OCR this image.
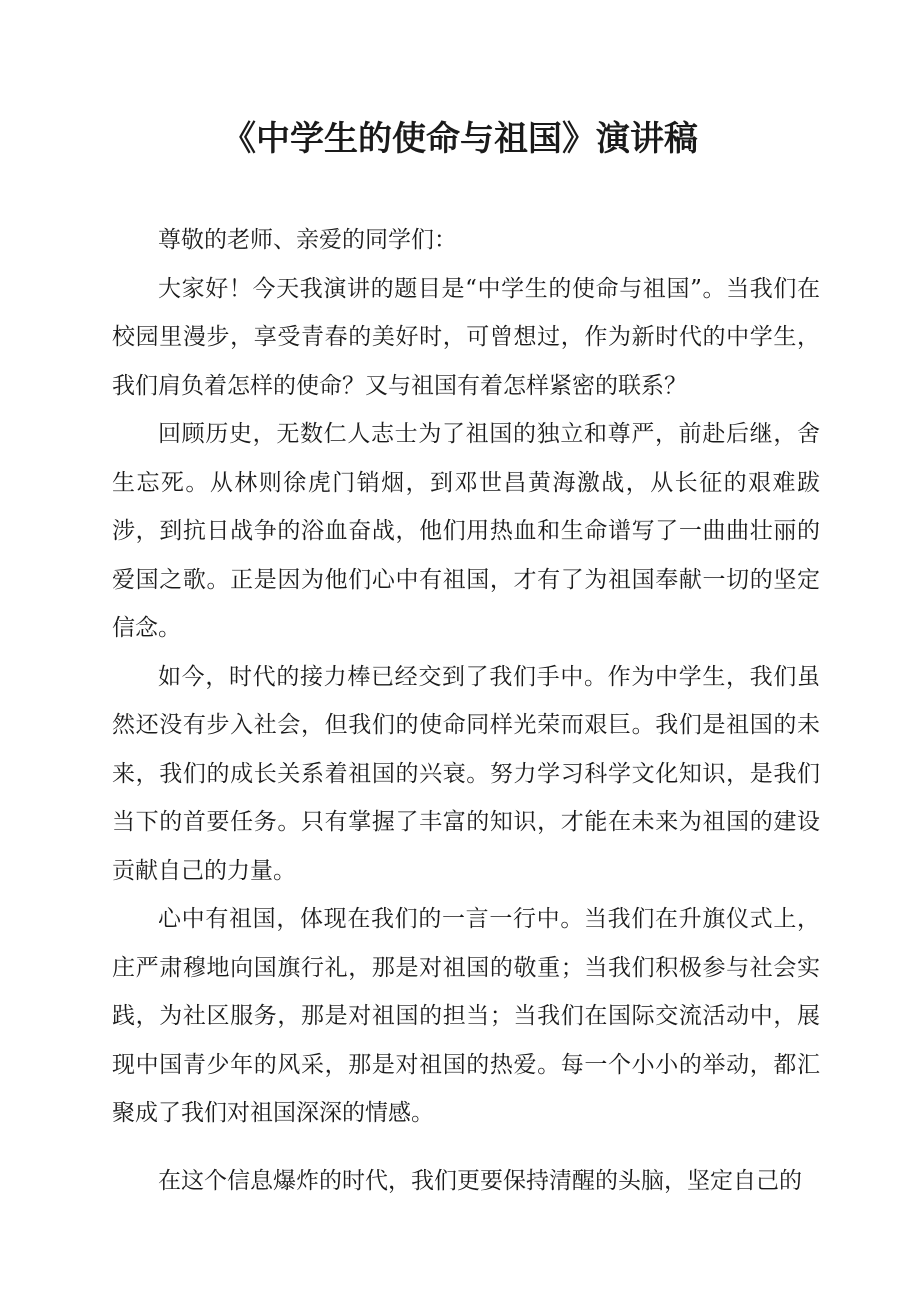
《中学生的使命与祖国》演讲稿

尊敬的老师、亲爱的同学们：

大家好！今天我演讲的题目是“中学生的使命与祖国”。当我们在校园里漫步，享受青春的美好时，可曾想过，作为新时代的中学生，我们肩负着怎样的使命？又与祖国有着怎样紧密的联系？

回顾历史，无数仁人志士为了祖国的独立和尊严，前赴后继，舍生忘死。从林则徐虎门销烟，到邓世昌黄海激战，从长征的艰难跋涉，到抗日战争的浴血奋战，他们用热血和生命谱写了一曲曲壮丽的爱国之歌。正是因为他们心中有祖国，才有了为祖国奉献一切的坚定信念。

如今，时代的接力棒已经交到了我们手中。作为中学生，我们虽然还没有步入社会，但我们的使命同样光荣而艰巨。我们是祖国的未来，我们的成长关系着祖国的兴衰。努力学习科学文化知识，是我们当下的首要任务。只有掌握了丰富的知识，才能在未来为祖国的建设贡献自己的力量。

心中有祖国，体现在我们的一言一行中。当我们在升旗仪式上，庄严肃穆地向国旗行礼，那是对祖国的敬重；当我们积极参与社会实践，为社区服务，那是对祖国的担当；当我们在国际交流活动中，展现中国青少年的风采，那是对祖国的热爱。每一个小小的举动，都汇聚成了我们对祖国深深的情感。

在这个信息爆炸的时代，我们更要保持清醒的头脑，坚定自己的
